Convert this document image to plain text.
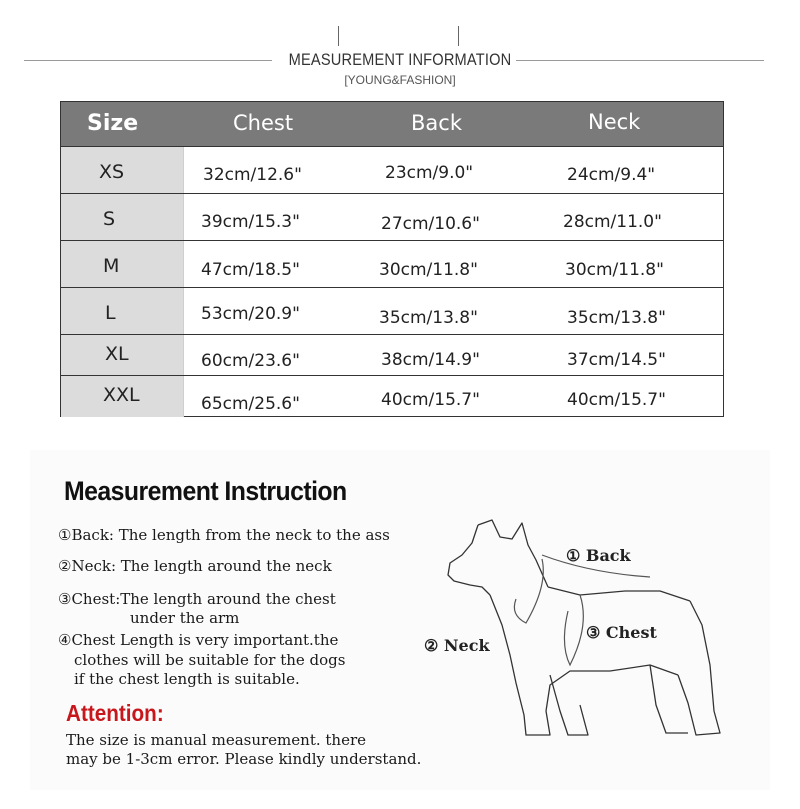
MEASUREMENT INFORMATION
[YOUNG&FASHION]
Size	Chest	Back	Neck
XS	32cm/12.6"	23cm/9.0"	24cm/9.4"
S	39cm/15.3"	27cm/10.6"	28cm/11.0"
M	47cm/18.5"	30cm/11.8"	30cm/11.8"
L	53cm/20.9"	35cm/13.8"	35cm/13.8"
XL	60cm/23.6"	38cm/14.9"	37cm/14.5"
XXL	65cm/25.6"	40cm/15.7"	40cm/15.7"
Measurement Instruction
①Back: The length from the neck to the ass
②Neck: The length around the neck
③Chest:The length around the chest
under the arm
④Chest Length is very important.the
clothes will be suitable for the dogs
if the chest length is suitable.
Attention:
The size is manual measurement. there
may be 1-3cm error. Please kindly understand.
① Back
② Neck
③ Chest
